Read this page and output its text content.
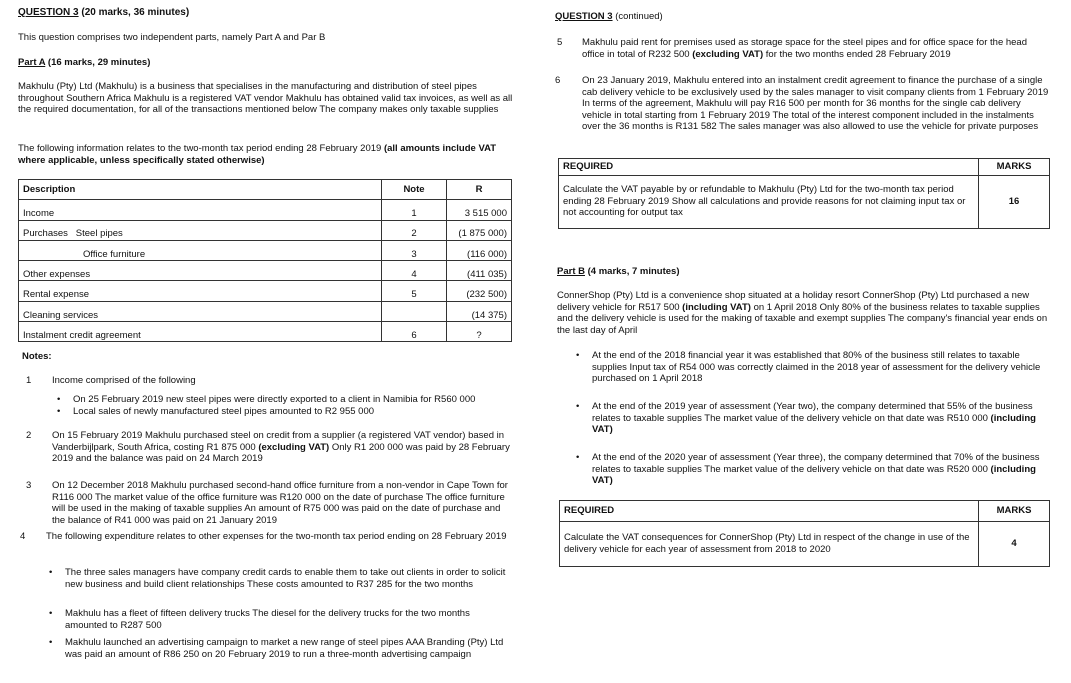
QUESTION 3 (20 marks, 36 minutes)
This question comprises two independent parts, namely Part A and Par B
Part A (16 marks, 29 minutes)
Makhulu (Pty) Ltd (Makhulu) is a business that specialises in the manufacturing and distribution of steel pipes throughout Southern Africa Makhulu is a registered VAT vendor Makhulu has obtained valid tax invoices, as well as all the required documentation, for all of the transactions mentioned below The company makes only taxable supplies
The following information relates to the two-month tax period ending 28 February 2019 (all amounts include VAT where applicable, unless specifically stated otherwise)
Description	Note	R
Income	1	3 515 000
Purchases   Steel pipes	2	(1 875 000)
Office furniture	3	(116 000)
Other expenses	4	(411 035)
Rental expense	5	(232 500)
Cleaning services		(14 375)
Instalment credit agreement	6	?
Notes:
1	Income comprised of the following
• On 25 February 2019 new steel pipes were directly exported to a client in Namibia for R560 000
• Local sales of newly manufactured steel pipes amounted to R2 955 000
2	On 15 February 2019 Makhulu purchased steel on credit from a supplier (a registered VAT vendor) based in Vanderbijlpark, South Africa, costing R1 875 000 (excluding VAT) Only R1 200 000 was paid by 28 February 2019 and the balance was paid on 24 March 2019
3	On 12 December 2018 Makhulu purchased second-hand office furniture from a non-vendor in Cape Town for R116 000 The market value of the office furniture was R120 000 on the date of purchase The office furniture will be used in the making of taxable supplies An amount of R75 000 was paid on the date of purchase and the balance of R41 000 was paid on 21 January 2019
4	The following expenditure relates to other expenses for the two-month tax period ending on 28 February 2019
• The three sales managers have company credit cards to enable them to take out clients in order to solicit new business and build client relationships These costs amounted to R37 285 for the two months
• Makhulu has a fleet of fifteen delivery trucks The diesel for the delivery trucks for the two months amounted to R287 500
• Makhulu launched an advertising campaign to market a new range of steel pipes AAA Branding (Pty) Ltd was paid an amount of R86 250 on 20 February 2019 to run a three-month advertising campaign
QUESTION 3 (continued)
5	Makhulu paid rent for premises used as storage space for the steel pipes and for office space for the head office in total of R232 500 (excluding VAT) for the two months ended 28 February 2019
6	On 23 January 2019, Makhulu entered into an instalment credit agreement to finance the purchase of a single cab delivery vehicle to be exclusively used by the sales manager to visit company clients from 1 February 2019 In terms of the agreement, Makhulu will pay R16 500 per month for 36 months for the single cab delivery vehicle in total starting from 1 February 2019 The total of the interest component included in the instalments over the 36 months is R131 582 The sales manager was also allowed to use the vehicle for private purposes
REQUIRED	MARKS
Calculate the VAT payable by or refundable to Makhulu (Pty) Ltd for the two-month tax period ending 28 February 2019 Show all calculations and provide reasons for not claiming input tax or not accounting for output tax	16
Part B (4 marks, 7 minutes)
ConnerShop (Pty) Ltd is a convenience shop situated at a holiday resort ConnerShop (Pty) Ltd purchased a new delivery vehicle for R517 500 (including VAT) on 1 April 2018 Only 80% of the business relates to taxable supplies and the delivery vehicle is used for the making of taxable and exempt supplies The company's financial year ends on the last day of April
• At the end of the 2018 financial year it was established that 80% of the business still relates to taxable supplies Input tax of R54 000 was correctly claimed in the 2018 year of assessment for the delivery vehicle purchased on 1 April 2018
• At the end of the 2019 year of assessment (Year two), the company determined that 55% of the business relates to taxable supplies The market value of the delivery vehicle on that date was R510 000 (including VAT)
• At the end of the 2020 year of assessment (Year three), the company determined that 70% of the business relates to taxable supplies The market value of the delivery vehicle on that date was R520 000 (including VAT)
REQUIRED	MARKS
Calculate the VAT consequences for ConnerShop (Pty) Ltd in respect of the change in use of the delivery vehicle for each year of assessment from 2018 to 2020	4
